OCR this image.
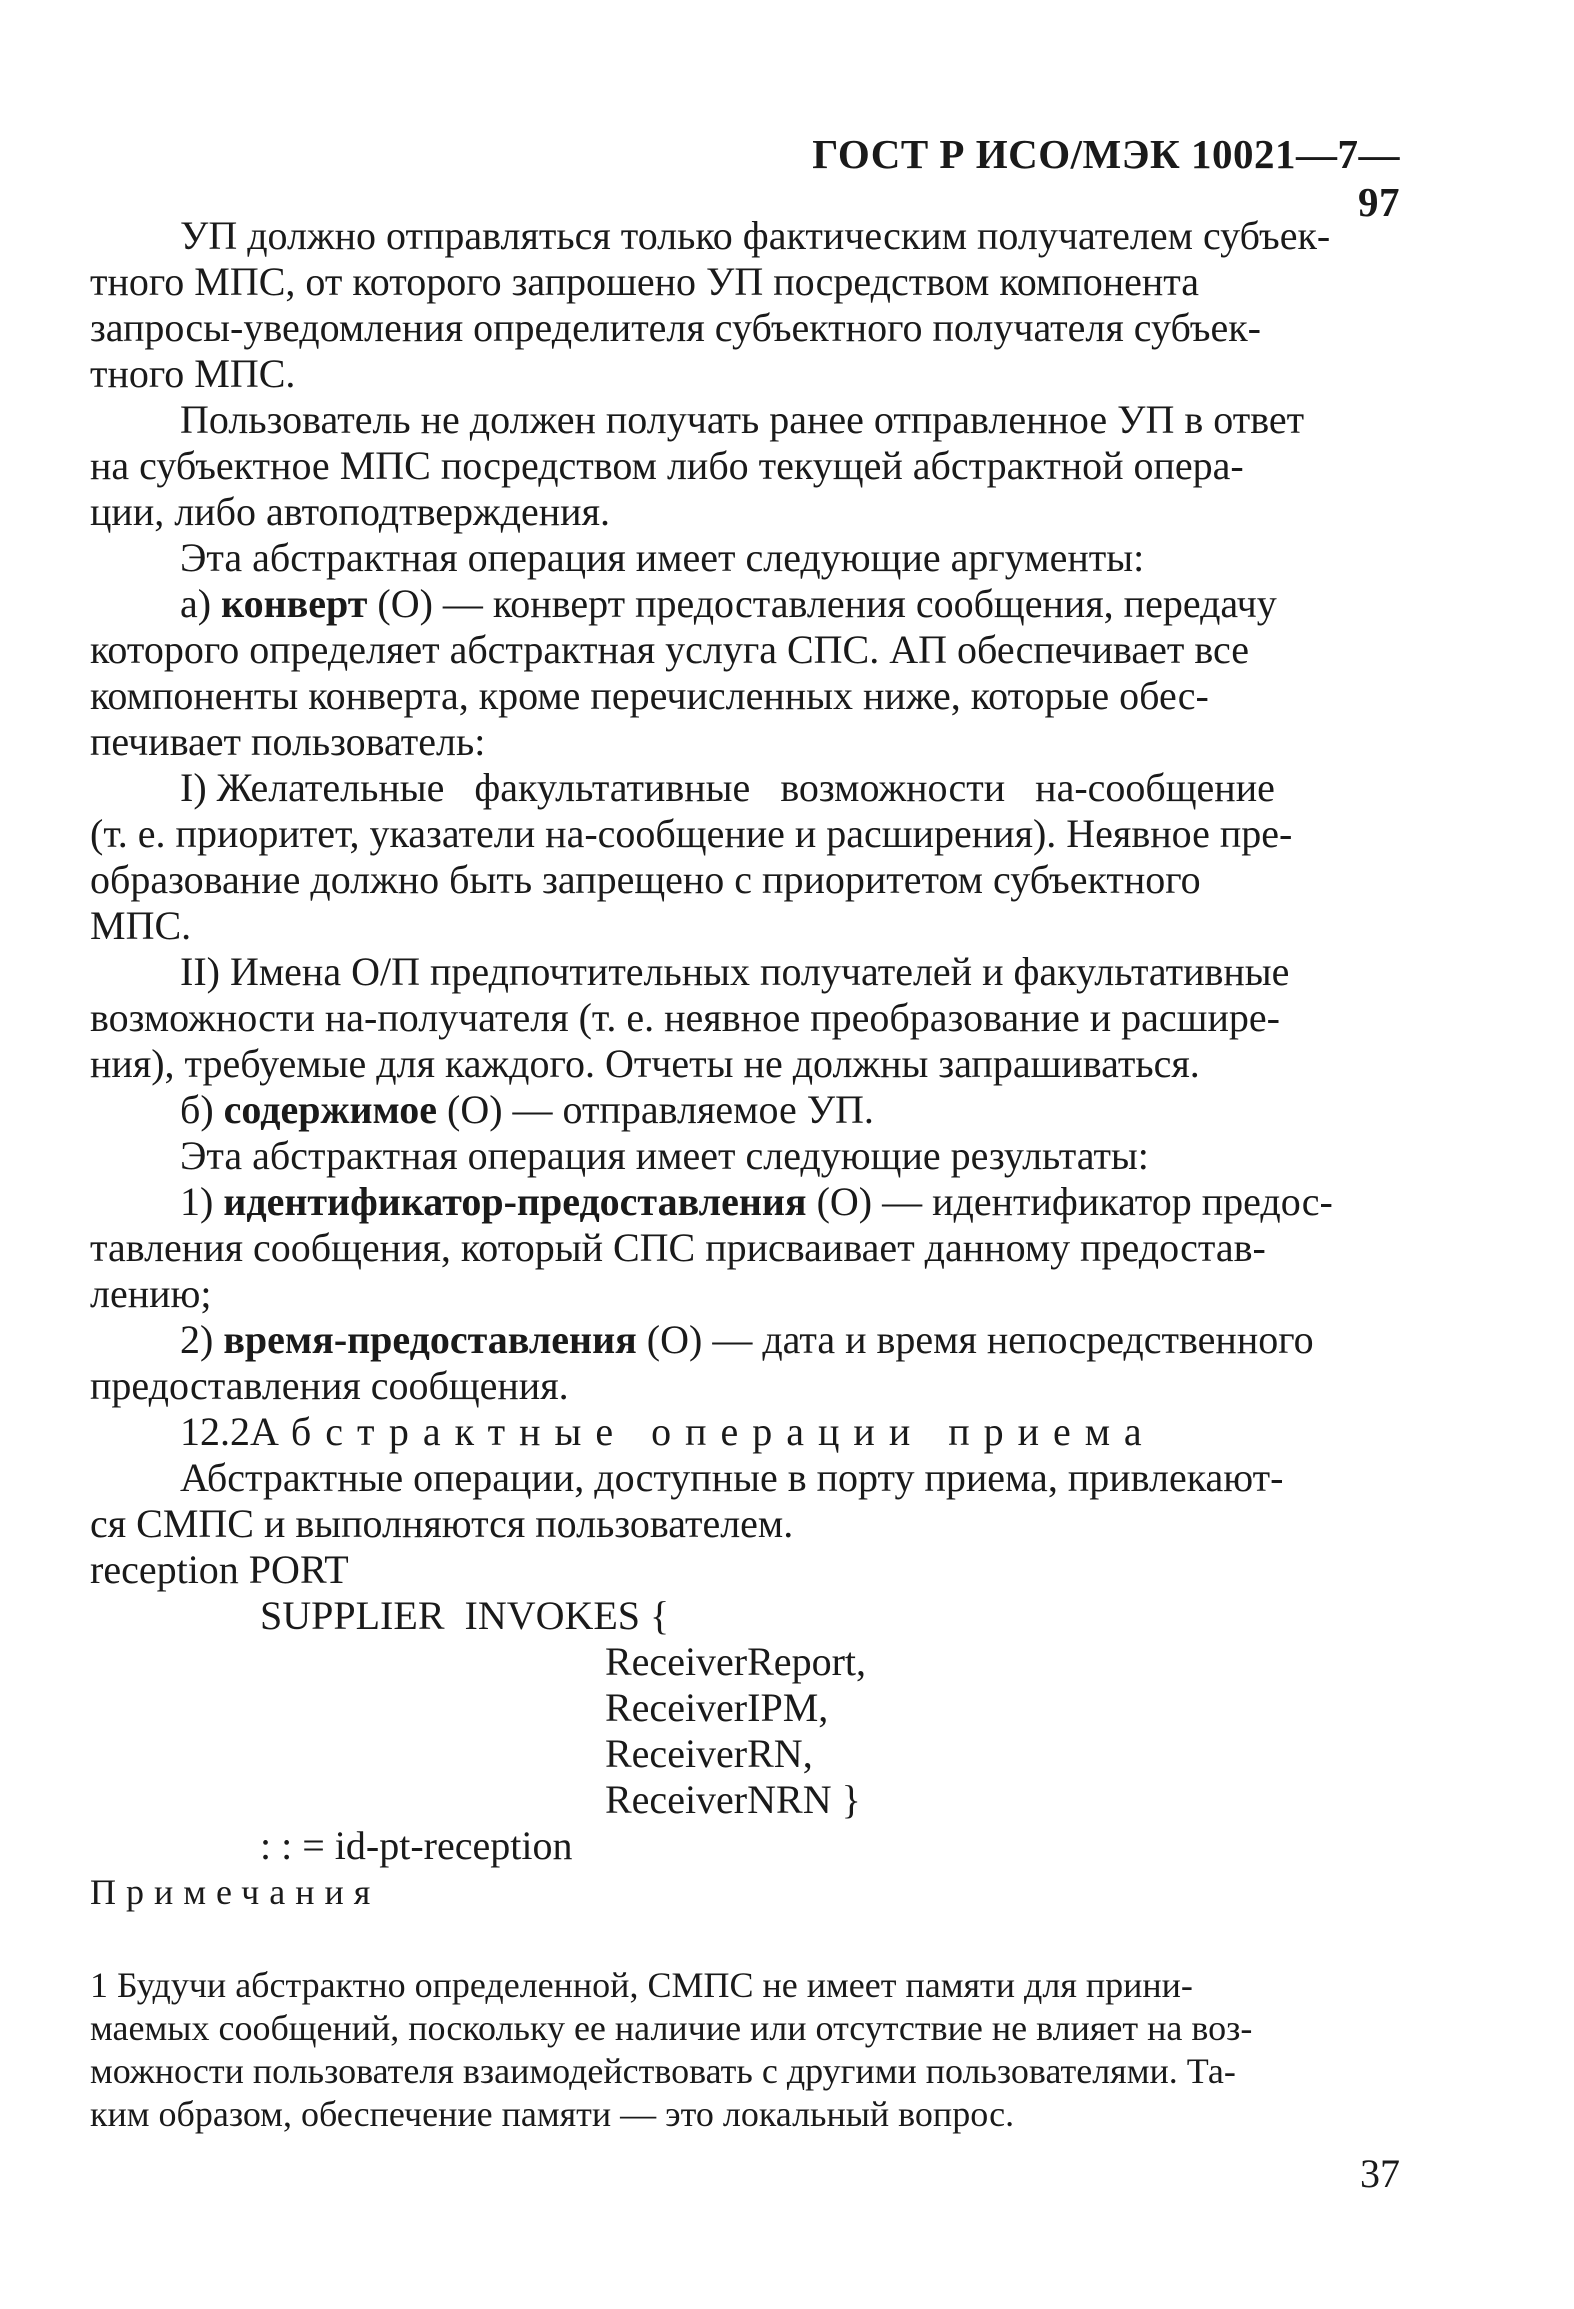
ГОСТ Р ИСО/МЭК 10021—7—97
УП должно отправляться только фактическим получателем субъек-
тного МПС, от которого запрошено УП посредством компонента
запросы-уведомления определителя субъектного получателя субъек-
тного МПС.
Пользователь не должен получать ранее отправленное УП в ответ
на субъектное МПС посредством либо текущей абстрактной опера-
ции, либо автоподтверждения.
Эта абстрактная операция имеет следующие аргументы:
а) конверт (О) — конверт предоставления сообщения, передачу
которого определяет абстрактная услуга СПС. АП обеспечивает все
компоненты конверта, кроме перечисленных ниже, которые обес-
печивает пользователь:
I) Желательные   факультативные   возможности   на-сообщение
(т. е. приоритет, указатели на-сообщение и расширения). Неявное пре-
образование должно быть запрещено с приоритетом субъектного
МПС.
II) Имена О/П предпочтительных получателей и факультативные
возможности на-получателя (т. е. неявное преобразование и расшире-
ния), требуемые для каждого. Отчеты не должны запрашиваться.
б) содержимое (О) — отправляемое УП.
Эта абстрактная операция имеет следующие результаты:
1) идентификатор-предоставления (О) — идентификатор предос-
тавления сообщения, который СПС присваивает данному предостав-
лению;
2) время-предоставления (О) — дата и время непосредственного
предоставления сообщения.
12.2Абстрактные операции приема
Абстрактные операции, доступные в порту приема, привлекают-
ся СМПС и выполняются пользователем.
reception PORT
SUPPLIER  INVOKES {
ReceiverReport,
ReceiverIPM,
ReceiverRN,
ReceiverNRN }
: : = id-pt-reception
Примечания
1 Будучи абстрактно определенной, СМПС не имеет памяти для прини-
маемых сообщений, поскольку ее наличие или отсутствие не влияет на воз-
можности пользователя взаимодействовать с другими пользователями. Та-
ким образом, обеспечение памяти — это локальный вопрос.
37
